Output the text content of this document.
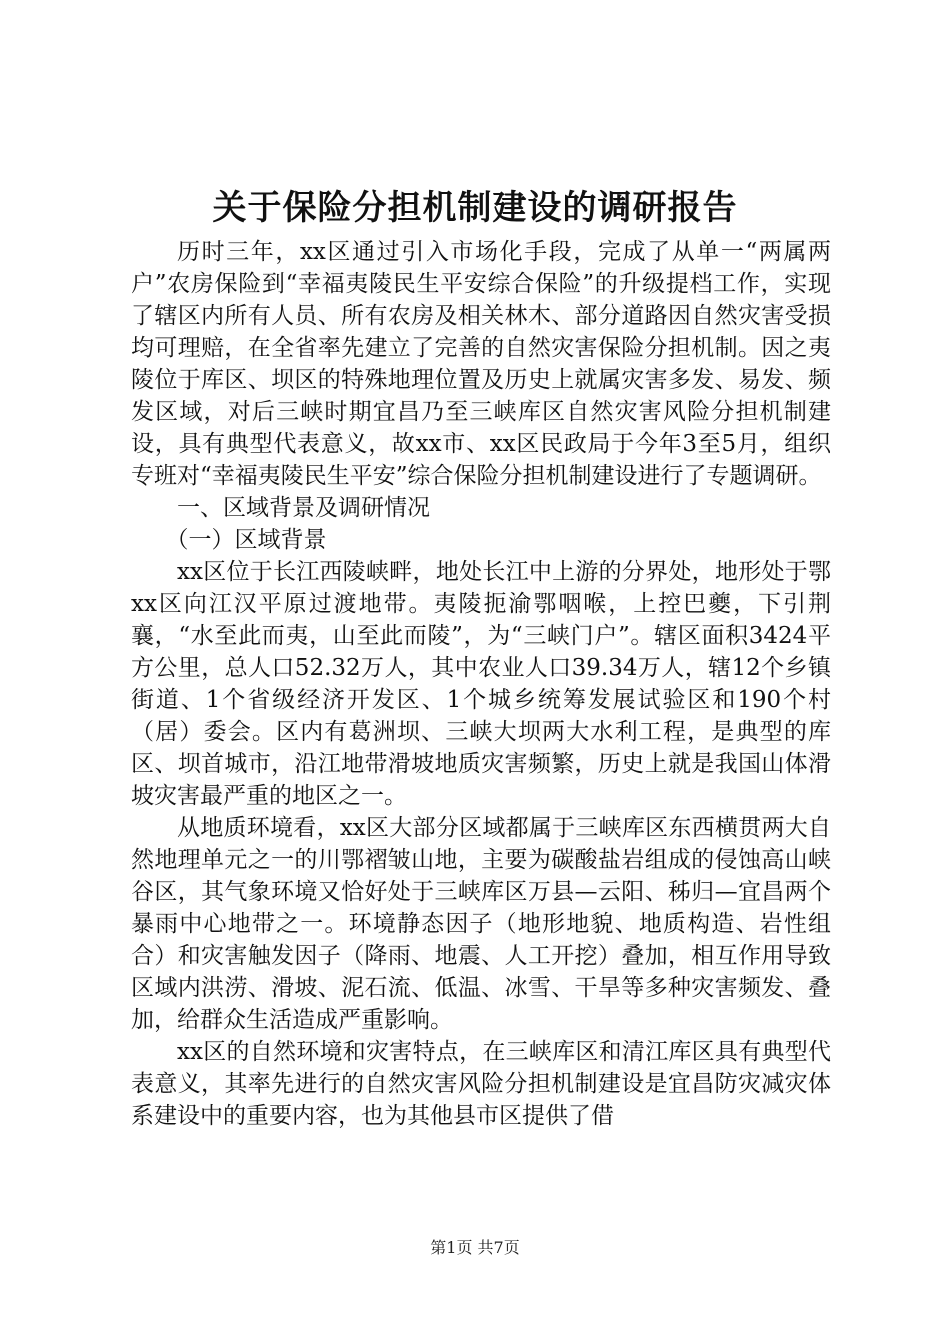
关于保险分担机制建设的调研报告

历时三年，xx区通过引入市场化手段，完成了从单一“两属两户”农房保险到“幸福夷陵民生平安综合保险”的升级提档工作，实现了辖区内所有人员、所有农房及相关林木、部分道路因自然灾害受损均可理赔，在全省率先建立了完善的自然灾害保险分担机制。因之夷陵位于库区、坝区的特殊地理位置及历史上就属灾害多发、易发、频发区域，对后三峡时期宜昌乃至三峡库区自然灾害风险分担机制建设，具有典型代表意义，故xx市、xx区民政局于今年3至5月，组织专班对“幸福夷陵民生平安”综合保险分担机制建设进行了专题调研。

一、区域背景及调研情况

（一）区域背景

xx区位于长江西陵峡畔，地处长江中上游的分界处，地形处于鄂xx区向江汉平原过渡地带。夷陵扼渝鄂咽喉，上控巴夔，下引荆襄，“水至此而夷，山至此而陵”，为“三峡门户”。辖区面积3424平方公里，总人口52.32万人，其中农业人口39.34万人，辖12个乡镇街道、1个省级经济开发区、1个城乡统筹发展试验区和190个村（居）委会。区内有葛洲坝、三峡大坝两大水利工程，是典型的库区、坝首城市，沿江地带滑坡地质灾害频繁，历史上就是我国山体滑坡灾害最严重的地区之一。

从地质环境看，xx区大部分区域都属于三峡库区东西横贯两大自然地理单元之一的川鄂褶皱山地，主要为碳酸盐岩组成的侵蚀高山峡谷区，其气象环境又恰好处于三峡库区万县—云阳、秭归—宜昌两个暴雨中心地带之一。环境静态因子（地形地貌、地质构造、岩性组合）和灾害触发因子（降雨、地震、人工开挖）叠加，相互作用导致区域内洪涝、滑坡、泥石流、低温、冰雪、干旱等多种灾害频发、叠加，给群众生活造成严重影响。

xx区的自然环境和灾害特点，在三峡库区和清江库区具有典型代表意义，其率先进行的自然灾害风险分担机制建设是宜昌防灾减灾体系建设中的重要内容，也为其他县市区提供了借

第1页 共7页
